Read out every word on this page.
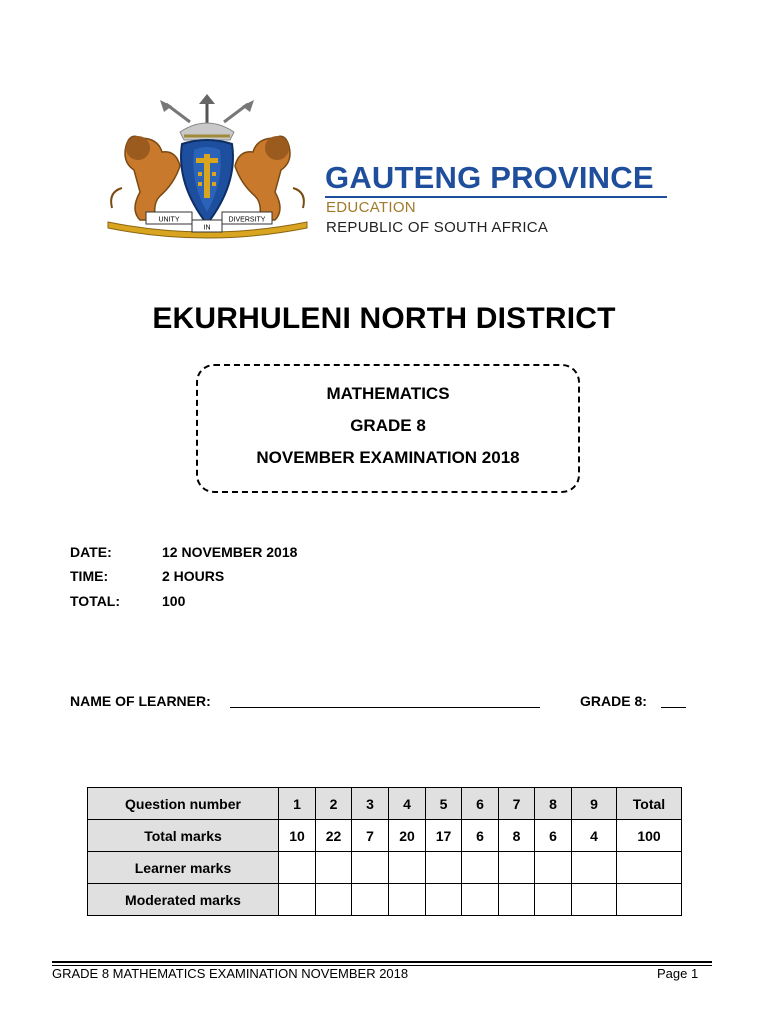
UNITY
IN
DIVERSITY
GAUTENG PROVINCE
EDUCATION
REPUBLIC OF SOUTH AFRICA
EKURHULENI NORTH DISTRICT
MATHEMATICS
GRADE 8
NOVEMBER EXAMINATION 2018
DATE:	12 NOVEMBER 2018
TIME:	2 HOURS
TOTAL:	100
NAME OF LEARNER:	GRADE 8:
Question number	1	2	3	4	5	6	7	8	9	Total
Total marks	10	22	7	20	17	6	8	6	4	100
Learner marks										
Moderated marks										
GRADE 8 MATHEMATICS EXAMINATION NOVEMBER 2018	Page 1
